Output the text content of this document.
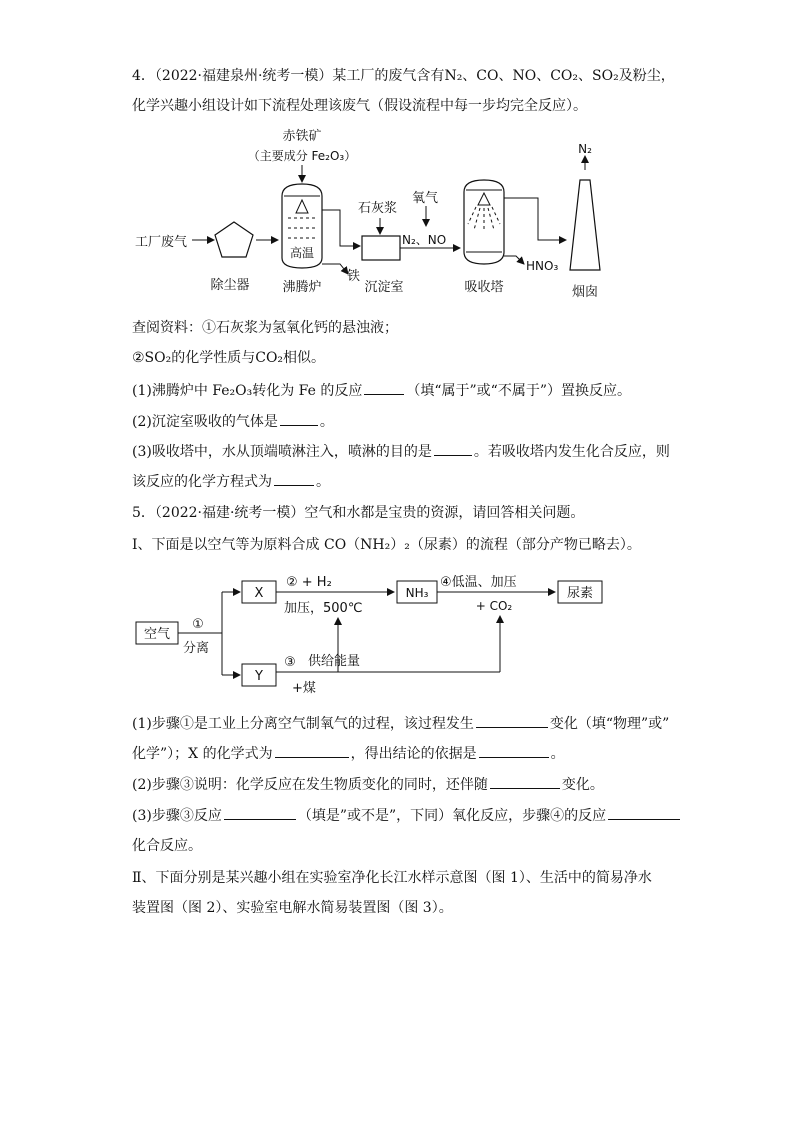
4．（2022·福建泉州·统考一模）某工厂的废气含有N₂、CO、NO、CO₂、SO₂及粉尘，
化学兴趣小组设计如下流程处理该废气（假设流程中每一步均完全反应）。
赤铁矿
（主要成分 Fe₂O₃）
工厂废气
除尘器
高温
沸腾炉
铁
石灰浆
沉淀室
N₂、NO
氧气
吸收塔
HNO₃
N₂
烟囱
查阅资料：①石灰浆为氢氧化钙的悬浊液；
②SO₂的化学性质与CO₂相似。
(1)沸腾炉中 Fe₂O₃转化为 Fe 的反应	（填“属于”或“不属于”）置换反应。
(2)沉淀室吸收的气体是	。
(3)吸收塔中，水从顶端喷淋注入，喷淋的目的是	。若吸收塔内发生化合反应，则
该反应的化学方程式为	。
5．（2022·福建·统考一模）空气和水都是宝贵的资源，请回答相关问题。
Ⅰ、下面是以空气等为原料合成 CO（NH₂）₂（尿素）的流程（部分产物已略去）。
空气
①
分离
X
② + H₂
加压，500℃
NH₃
④低温、加压
+ CO₂
尿素
Y
③ 供给能量
+煤
(1)步骤①是工业上分离空气制氧气的过程，该过程发生	变化（填“物理”或”
化学”）；X 的化学式为	，得出结论的依据是	。
(2)步骤③说明：化学反应在发生物质变化的同时，还伴随	变化。
(3)步骤③反应	（填是”或不是”，下同）氧化反应，步骤④的反应
化合反应。
Ⅱ、下面分别是某兴趣小组在实验室净化长江水样示意图（图 1）、生活中的简易净水
装置图（图 2）、实验室电解水简易装置图（图 3）。
